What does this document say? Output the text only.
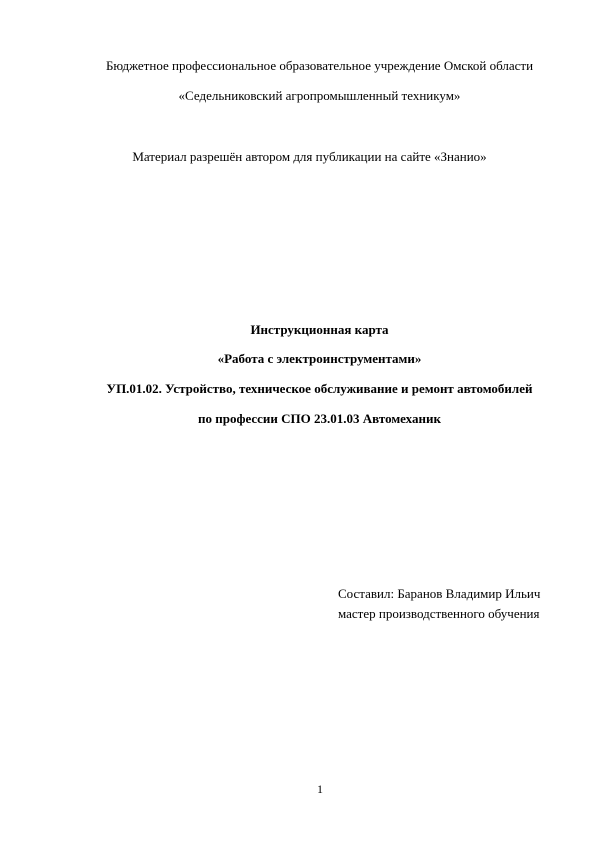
Бюджетное профессиональное образовательное учреждение Омской области
«Седельниковский агропромышленный техникум»
Материал разрешён автором для публикации на сайте «Знанио»
Инструкционная карта
«Работа с электроинструментами»
УП.01.02. Устройство, техническое обслуживание и ремонт автомобилей
по профессии СПО 23.01.03 Автомеханик
Составил: Баранов Владимир Ильич
мастер производственного обучения
1
